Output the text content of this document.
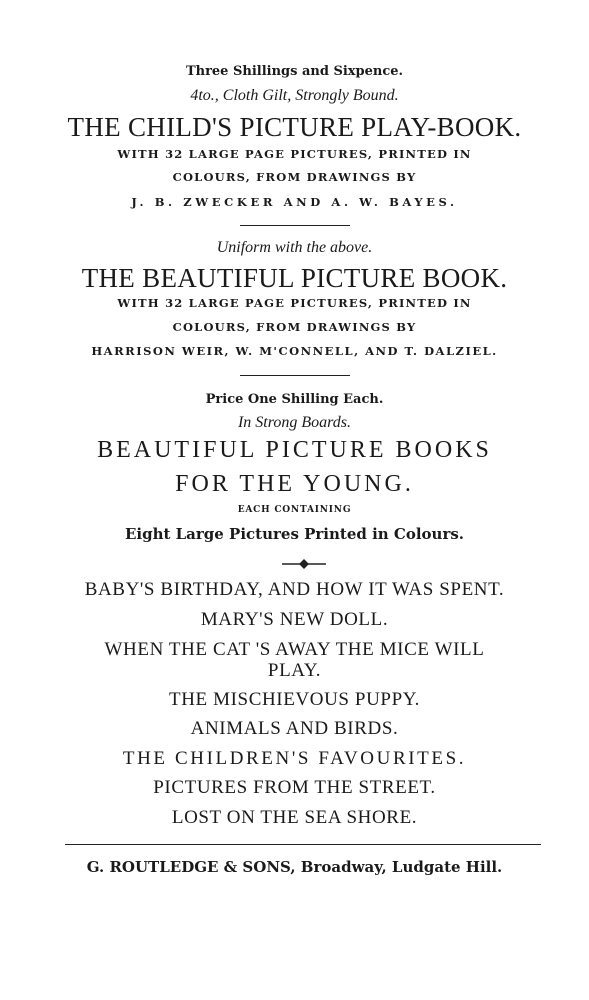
Three Shillings and Sixpence.
4to., Cloth Gilt, Strongly Bound.
THE CHILD'S PICTURE PLAY-BOOK.
WITH 32 LARGE PAGE PICTURES, PRINTED IN
COLOURS, FROM DRAWINGS BY
J. B. ZWECKER AND A. W. BAYES.
Uniform with the above.
THE BEAUTIFUL PICTURE BOOK.
WITH 32 LARGE PAGE PICTURES, PRINTED IN
COLOURS, FROM DRAWINGS BY
HARRISON WEIR, W. M'CONNELL, AND T. DALZIEL.
Price One Shilling Each.
In Strong Boards.
BEAUTIFUL PICTURE BOOKS
FOR THE YOUNG.
EACH CONTAINING
Eight Large Pictures Printed in Colours.
BABY'S BIRTHDAY, AND HOW IT WAS SPENT.
MARY'S NEW DOLL.
WHEN THE CAT 'S AWAY THE MICE WILL
PLAY.
THE MISCHIEVOUS PUPPY.
ANIMALS AND BIRDS.
THE CHILDREN'S FAVOURITES.
PICTURES FROM THE STREET.
LOST ON THE SEA SHORE.
G. ROUTLEDGE & SONS, Broadway, Ludgate Hill.
